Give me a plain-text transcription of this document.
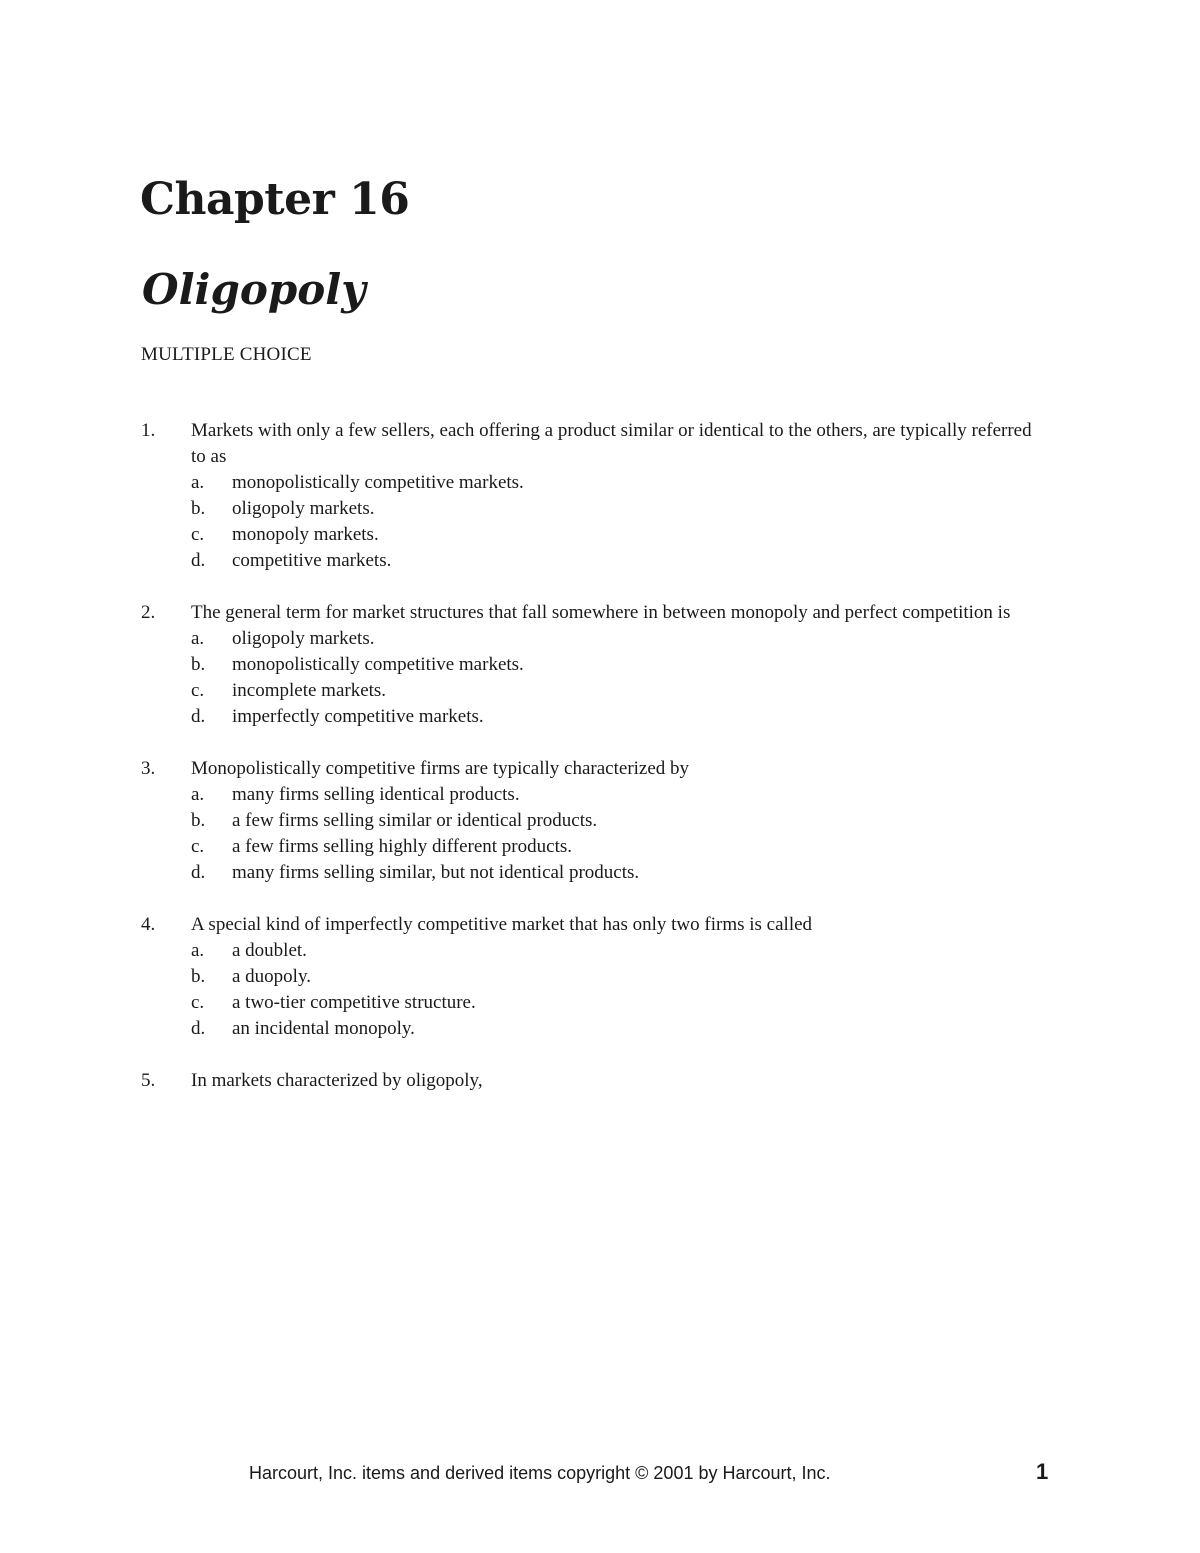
Chapter 16
Oligopoly
MULTIPLE CHOICE
1. Markets with only a few sellers, each offering a product similar or identical to the others, are typically referred to as
a. monopolistically competitive markets.
b. oligopoly markets.
c. monopoly markets.
d. competitive markets.
2. The general term for market structures that fall somewhere in between monopoly and perfect competition is
a. oligopoly markets.
b. monopolistically competitive markets.
c. incomplete markets.
d. imperfectly competitive markets.
3. Monopolistically competitive firms are typically characterized by
a. many firms selling identical products.
b. a few firms selling similar or identical products.
c. a few firms selling highly different products.
d. many firms selling similar, but not identical products.
4. A special kind of imperfectly competitive market that has only two firms is called
a. a doublet.
b. a duopoly.
c. a two-tier competitive structure.
d. an incidental monopoly.
5. In markets characterized by oligopoly,
Harcourt, Inc. items and derived items copyright © 2001 by Harcourt, Inc.	1
